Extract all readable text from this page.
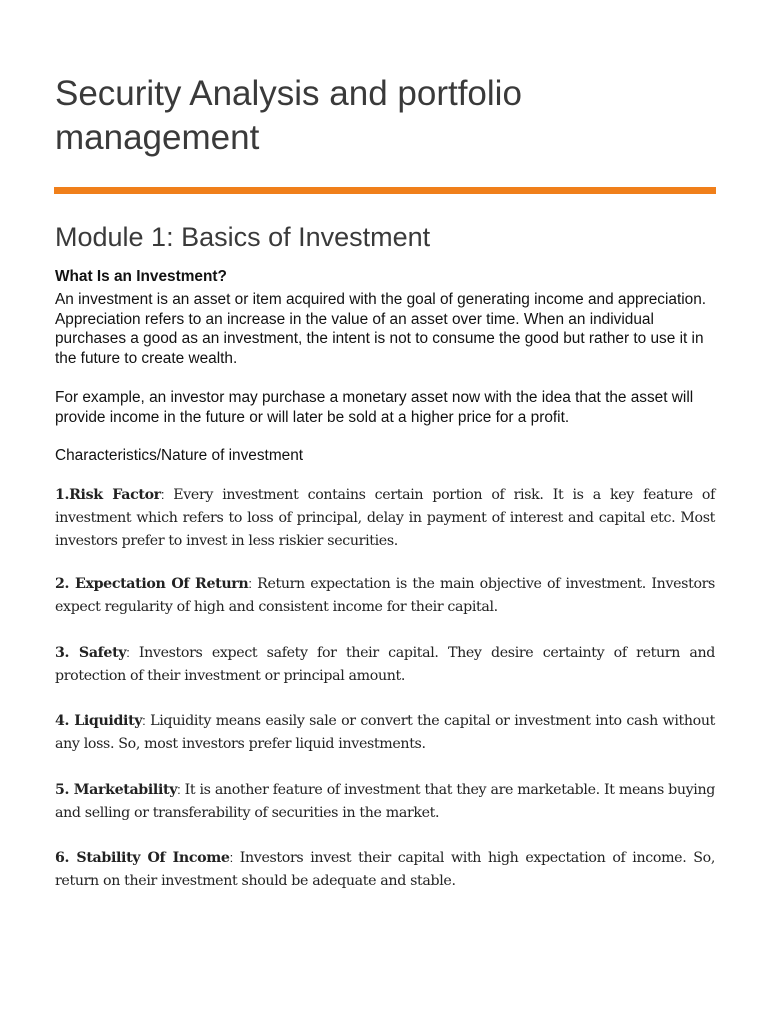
Security Analysis and portfolio management
Module 1: Basics of Investment

What Is an Investment?

An investment is an asset or item acquired with the goal of generating income and appreciation. Appreciation refers to an increase in the value of an asset over time. When an individual purchases a good as an investment, the intent is not to consume the good but rather to use it in the future to create wealth.

For example, an investor may purchase a monetary asset now with the idea that the asset will provide income in the future or will later be sold at a higher price for a profit.

Characteristics/Nature of investment

1.Risk Factor: Every investment contains certain portion of risk. It is a key feature of investment which refers to loss of principal, delay in payment of interest and capital etc. Most investors prefer to invest in less riskier securities.

2. Expectation Of Return: Return expectation is the main objective of investment. Investors expect regularity of high and consistent income for their capital.

3. Safety: Investors expect safety for their capital. They desire certainty of return and protection of their investment or principal amount.

4. Liquidity: Liquidity means easily sale or convert the capital or investment into cash without any loss. So, most investors prefer liquid investments.

5. Marketability: It is another feature of investment that they are marketable. It means buying and selling or transferability of securities in the market.

6. Stability Of Income: Investors invest their capital with high expectation of income. So, return on their investment should be adequate and stable.
